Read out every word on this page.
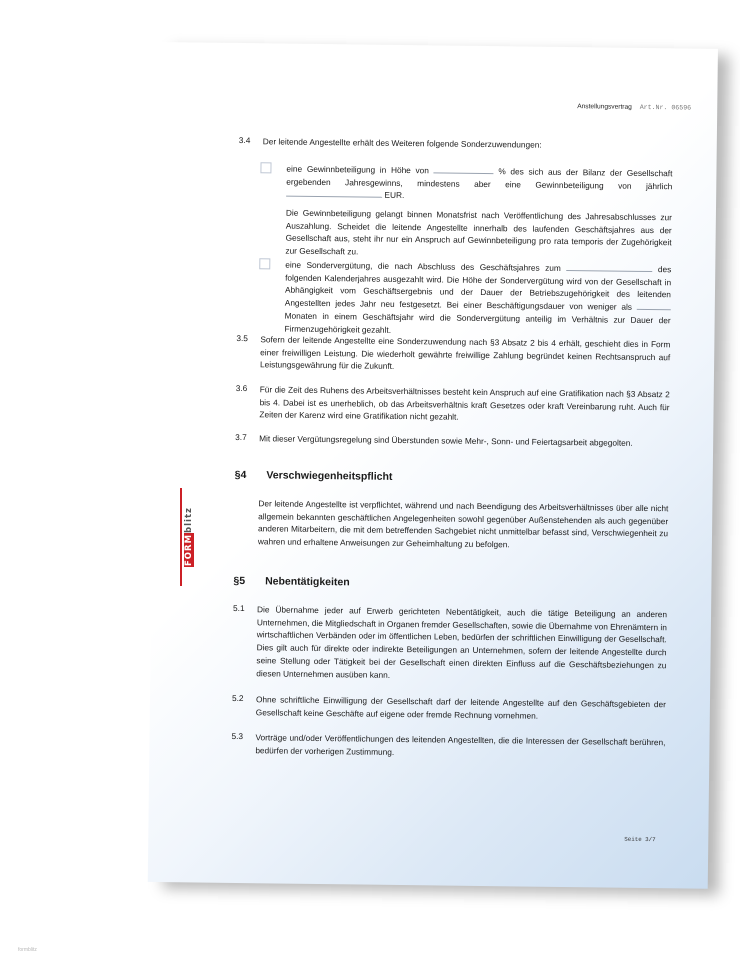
Anstellungsvertrag Art.Nr. 06596
3.4 Der leitende Angestellte erhält des Weiteren folgende Sonderzuwendungen:
eine Gewinnbeteiligung in Höhe von	% des sich aus der Bilanz der Gesellschaft ergebenden Jahresgewinns, mindestens aber eine Gewinnbeteiligung von jährlich  EUR.
Die Gewinnbeteiligung gelangt binnen Monatsfrist nach Veröffentlichung des Jahresabschlusses zur Auszahlung. Scheidet die leitende Angestellte innerhalb des laufenden Geschäftsjahres aus der Gesellschaft aus, steht ihr nur ein Anspruch auf Gewinnbeteiligung pro rata temporis der Zugehörigkeit zur Gesellschaft zu.
eine Sondervergütung, die nach Abschluss des Geschäftsjahres zum	des folgenden Kalenderjahres ausgezahlt wird. Die Höhe der Sondervergütung wird von der Gesellschaft in Abhängigkeit vom Geschäftsergebnis und der Dauer der Betriebszugehörigkeit des leitenden Angestellten jedes Jahr neu festgesetzt. Bei einer Beschäftigungsdauer von weniger als  Monaten in einem Geschäftsjahr wird die Sondervergütung anteilig im Verhältnis zur Dauer der Firmenzugehörigkeit gezahlt.
3.5 Sofern der leitende Angestellte eine Sonderzuwendung nach §3 Absatz 2 bis 4 erhält, geschieht dies in Form einer freiwilligen Leistung. Die wiederholt gewährte freiwillige Zahlung begründet keinen Rechtsanspruch auf Leistungsgewährung für die Zukunft.
3.6 Für die Zeit des Ruhens des Arbeitsverhältnisses besteht kein Anspruch auf eine Gratifikation nach §3 Absatz 2 bis 4. Dabei ist es unerheblich, ob das Arbeitsverhältnis kraft Gesetzes oder kraft Vereinbarung ruht. Auch für Zeiten der Karenz wird eine Gratifikation nicht gezahlt.
3.7 Mit dieser Vergütungsregelung sind Überstunden sowie Mehr-, Sonn- und Feiertagsarbeit abgegolten.
§4 Verschwiegenheitspflicht
Der leitende Angestellte ist verpflichtet, während und nach Beendigung des Arbeitsverhältnisses über alle nicht allgemein bekannten geschäftlichen Angelegenheiten sowohl gegenüber Außenstehenden als auch gegenüber anderen Mitarbeitern, die mit dem betreffenden Sachgebiet nicht unmittelbar befasst sind, Verschwiegenheit zu wahren und erhaltene Anweisungen zur Geheimhaltung zu befolgen.
§5 Nebentätigkeiten
5.1 Die Übernahme jeder auf Erwerb gerichteten Nebentätigkeit, auch die tätige Beteiligung an anderen Unternehmen, die Mitgliedschaft in Organen fremder Gesellschaften, sowie die Übernahme von Ehrenämtern in wirtschaftlichen Verbänden oder im öffentlichen Leben, bedürfen der schriftlichen Einwilligung der Gesellschaft. Dies gilt auch für direkte oder indirekte Beteiligungen an Unternehmen, sofern der leitende Angestellte durch seine Stellung oder Tätigkeit bei der Gesellschaft einen direkten Einfluss auf die Geschäftsbeziehungen zu diesen Unternehmen ausüben kann.
5.2 Ohne schriftliche Einwilligung der Gesellschaft darf der leitende Angestellte auf den Geschäftsgebieten der Gesellschaft keine Geschäfte auf eigene oder fremde Rechnung vornehmen.
5.3 Vorträge und/oder Veröffentlichungen des leitenden Angestellten, die die Interessen der Gesellschaft berühren, bedürfen der vorherigen Zustimmung.
Seite 3/7
FORMblitz
formblitz
